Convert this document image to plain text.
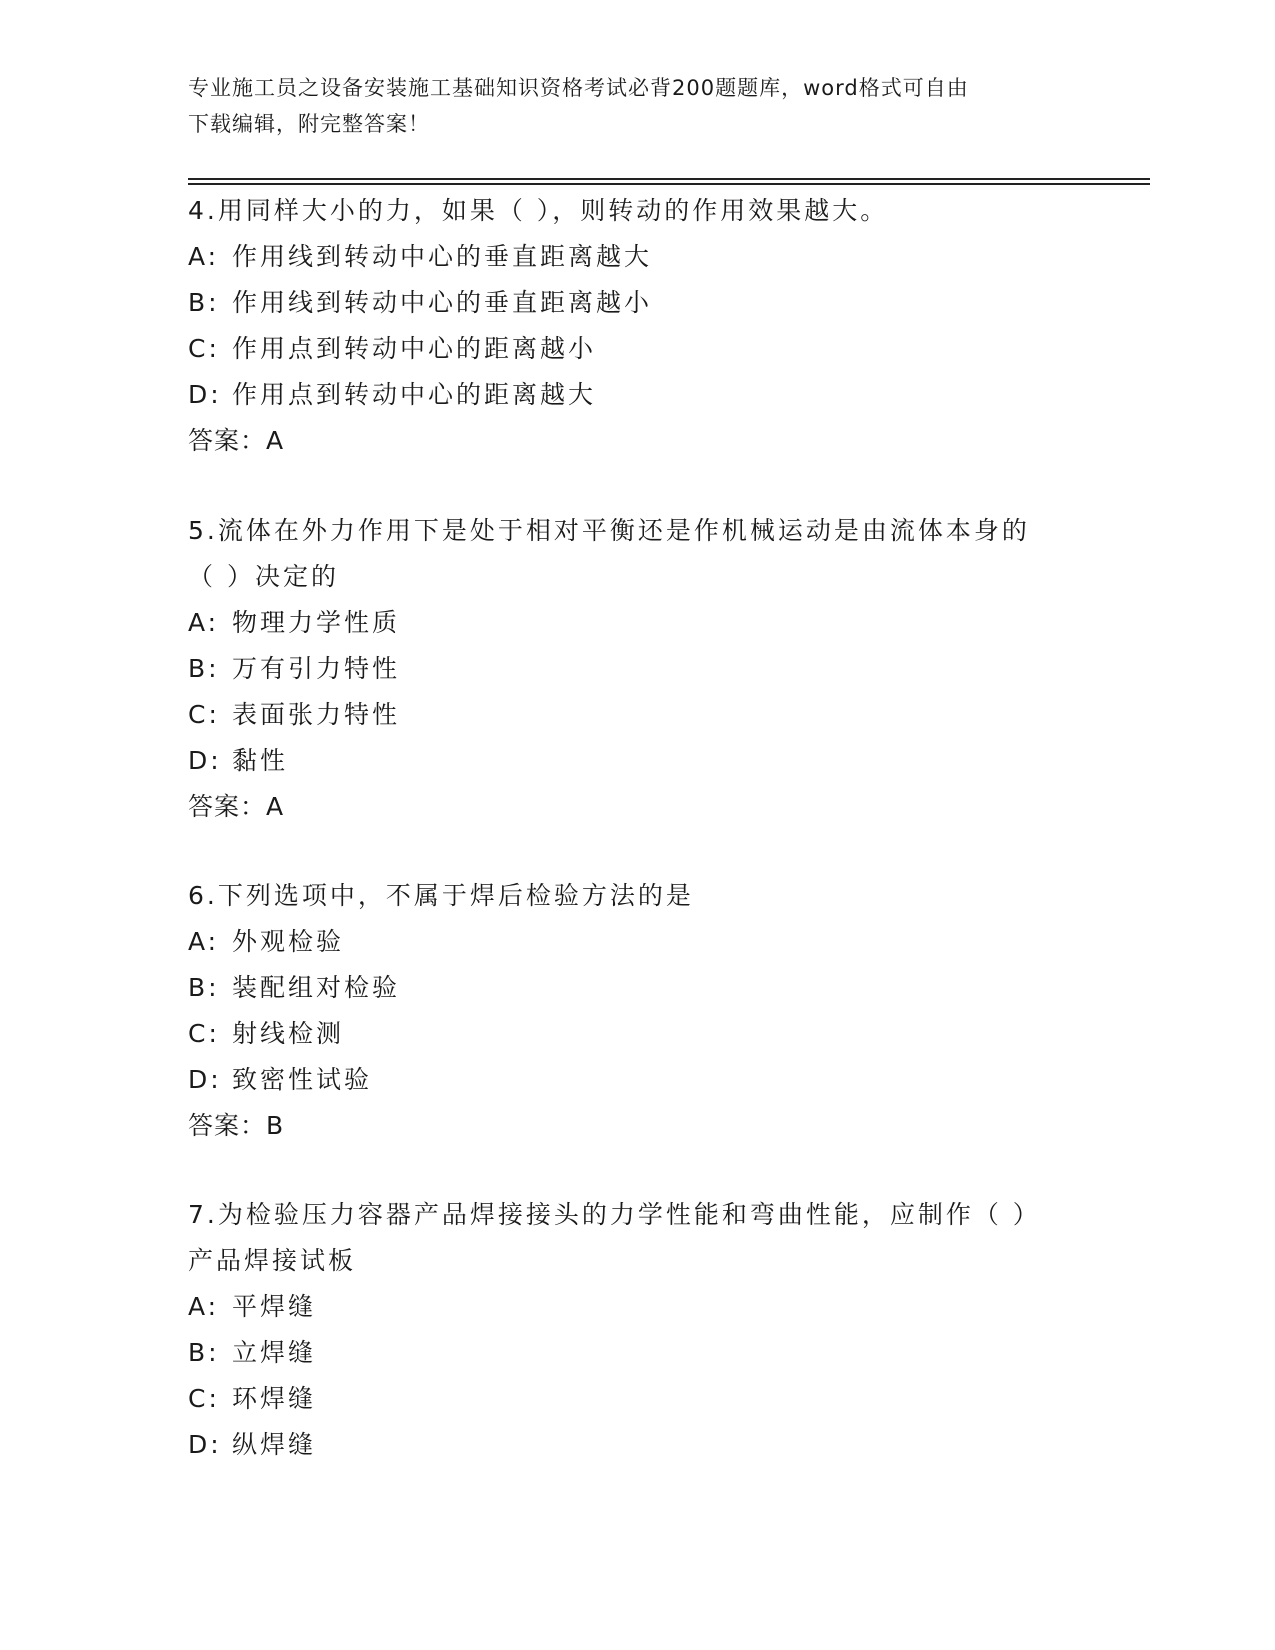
专业施工员之设备安装施工基础知识资格考试必背200题题库，word格式可自由
下载编辑，附完整答案！
4.用同样大小的力，如果（ ），则转动的作用效果越大。
A: 作用线到转动中心的垂直距离越大
B: 作用线到转动中心的垂直距离越小
C: 作用点到转动中心的距离越小
D: 作用点到转动中心的距离越大
答案：A
5.流体在外力作用下是处于相对平衡还是作机械运动是由流体本身的
（ ）决定的
A: 物理力学性质
B: 万有引力特性
C: 表面张力特性
D: 黏性
答案：A
6.下列选项中，不属于焊后检验方法的是
A: 外观检验
B: 装配组对检验
C: 射线检测
D: 致密性试验
答案：B
7.为检验压力容器产品焊接接头的力学性能和弯曲性能，应制作（ ）
产品焊接试板
A: 平焊缝
B: 立焊缝
C: 环焊缝
D: 纵焊缝
